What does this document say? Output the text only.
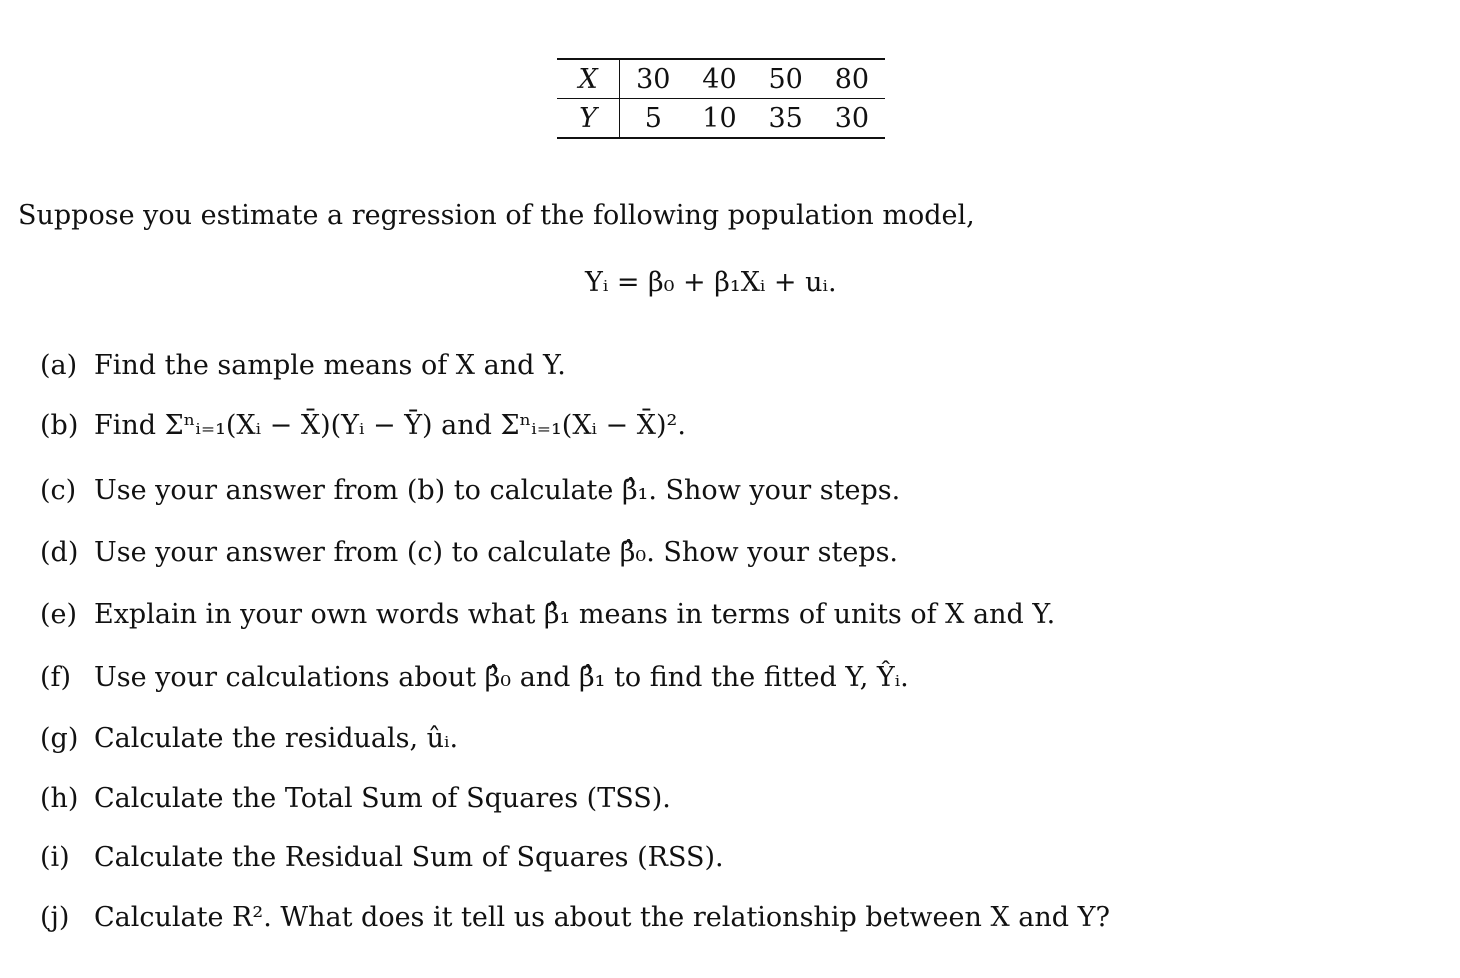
X	30	40	50	80
Y	5	10	35	30
Suppose you estimate a regression of the following population model,
Yᵢ = β₀ + β₁Xᵢ + uᵢ.
(a) Find the sample means of X and Y.
(b) Find Σⁿᵢ₌₁(Xᵢ − X̄)(Yᵢ − Ȳ) and Σⁿᵢ₌₁(Xᵢ − X̄)².
(c) Use your answer from (b) to calculate β̂₁. Show your steps.
(d) Use your answer from (c) to calculate β̂₀. Show your steps.
(e) Explain in your own words what β̂₁ means in terms of units of X and Y.
(f) Use your calculations about β̂₀ and β̂₁ to find the fitted Y, Ŷᵢ.
(g) Calculate the residuals, ûᵢ.
(h) Calculate the Total Sum of Squares (TSS).
(i) Calculate the Residual Sum of Squares (RSS).
(j) Calculate R². What does it tell us about the relationship between X and Y?
